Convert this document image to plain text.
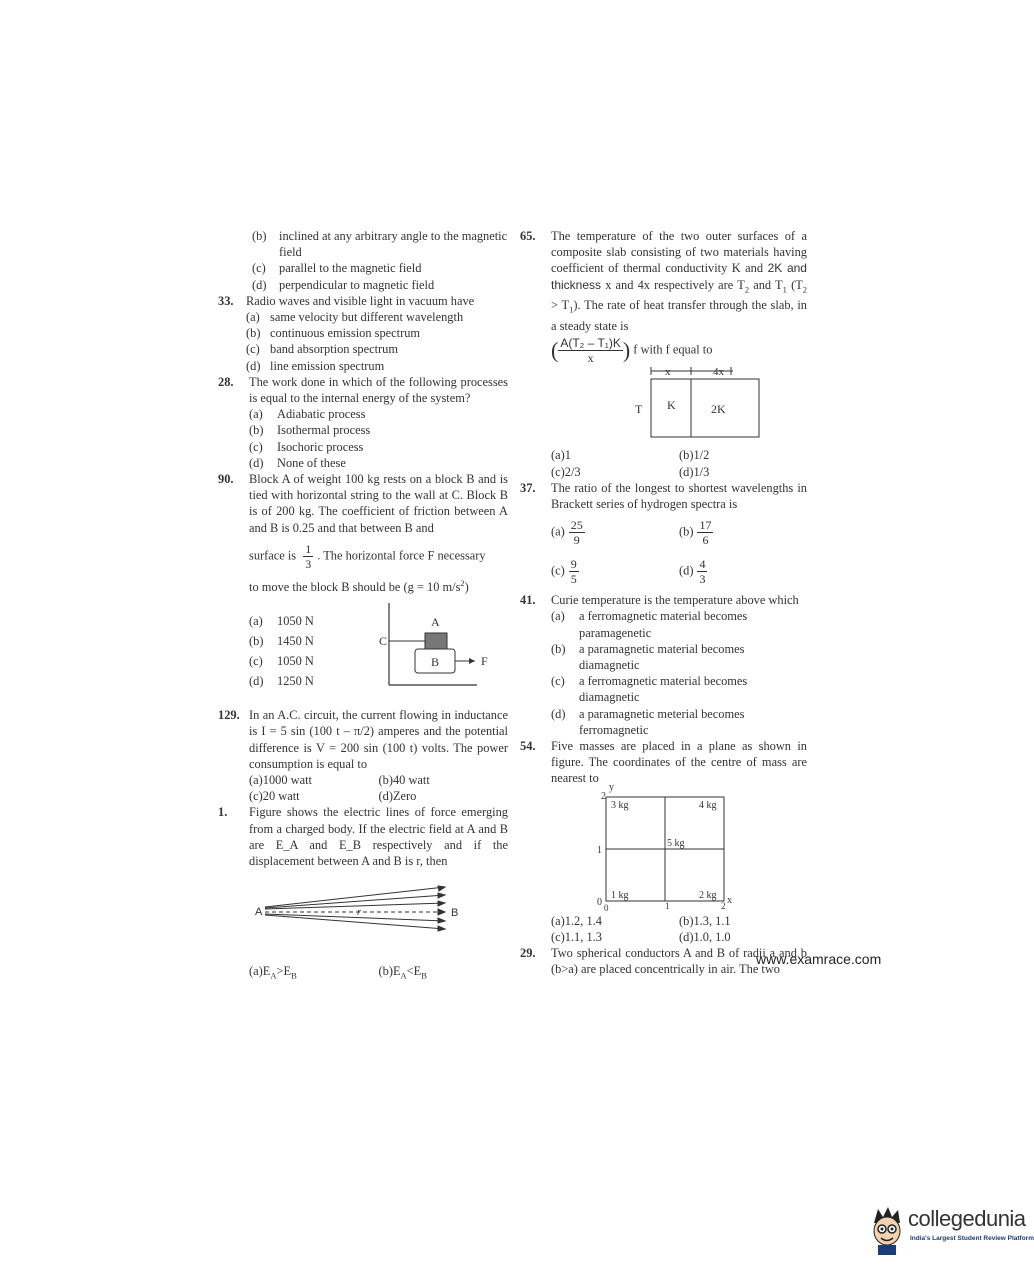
(b) inclined at any arbitrary angle to the magnetic field
(c) parallel to the magnetic field
(d) perpendicular to magnetic field
33. Radio waves and visible light in vacuum have
(a) same velocity but different wavelength
(b) continuous emission spectrum
(c) band absorption spectrum
(d) line emission spectrum
28. The work done in which of the following processes is equal to the internal energy of the system?
(a) Adiabatic process
(b) Isothermal process
(c) Isochoric process
(d) None of these
90. Block A of weight 100 kg rests on a block B and is tied with horizontal string to the wall at C. Block B is of 200 kg. The coefficient of friction between A and B is 0.25 and that between B and
surface is $\frac{1}{3}$ . The horizontal force F necessary
to move the block B should be (g = 10 $m/s^2$)
(a) 1050 N
(b) 1450 N
(c) 1050 N
(d) 1250 N
A
B
C
F
129. In an A.C. circuit, the current flowing in inductance is I = 5 sin (100 t – π/2) amperes and the potential difference is V = 200 sin (100 t) volts. The power consumption is equal to
(a)1000 watt	(b)40 watt
(c)20 watt	(d)Zero
1. Figure shows the electric lines of force emerging from a charged body. If the electric field at A and B are E_A and E_B respectively and if the displacement between A and B is r, then
A	B
r
$(a)E_A>E_B$	$(b)E_A<E_B$
65. The temperature of the two outer surfaces of a composite slab consisting of two materials having coefficient of thermal conductivity K and 2K and thickness x and 4x respectively are $T_2$ and $T_1$ $(T_2 > T_1)$. The rate of heat transfer through the slab, in a steady state is
( $\frac{\text{A(T₂ – T₁)K}}{x}$ ) f with f equal to
x	4x
T K	2K
(a)1	(b)1/2
(c)2/3	(d)1/3
37. The ratio of the longest to shortest wavelengths in Brackett series of hydrogen spectra is
$(a) \frac{25}{9}$	$(b) \frac{17}{6}$
$(c) \frac{9}{5}$	$(d) \frac{4}{3}$
41. Curie temperature is the temperature above which
(a) a ferromagnetic material becomes paramagenetic
(b) a paramagnetic material becomes diamagnetic
(c) a ferromagnetic material becomes diamagnetic
(d) a paramagnetic meterial becomes ferromagnetic
54. Five masses are placed in a plane as shown in figure. The coordinates of the centre of mass are nearest to
y
x
2
1
0 0	1	2
3 kg	4 kg
5 kg
1 kg	2 kg
(a)1.2, 1.4	(b)1.3, 1.1
(c)1.1, 1.3	(d)1.0, 1.0
29. Two spherical conductors A and B of radii a and b (b>a) are placed concentrically in air. The two
www.examrace.com
collegedunia
India's Largest Student Review Platform
